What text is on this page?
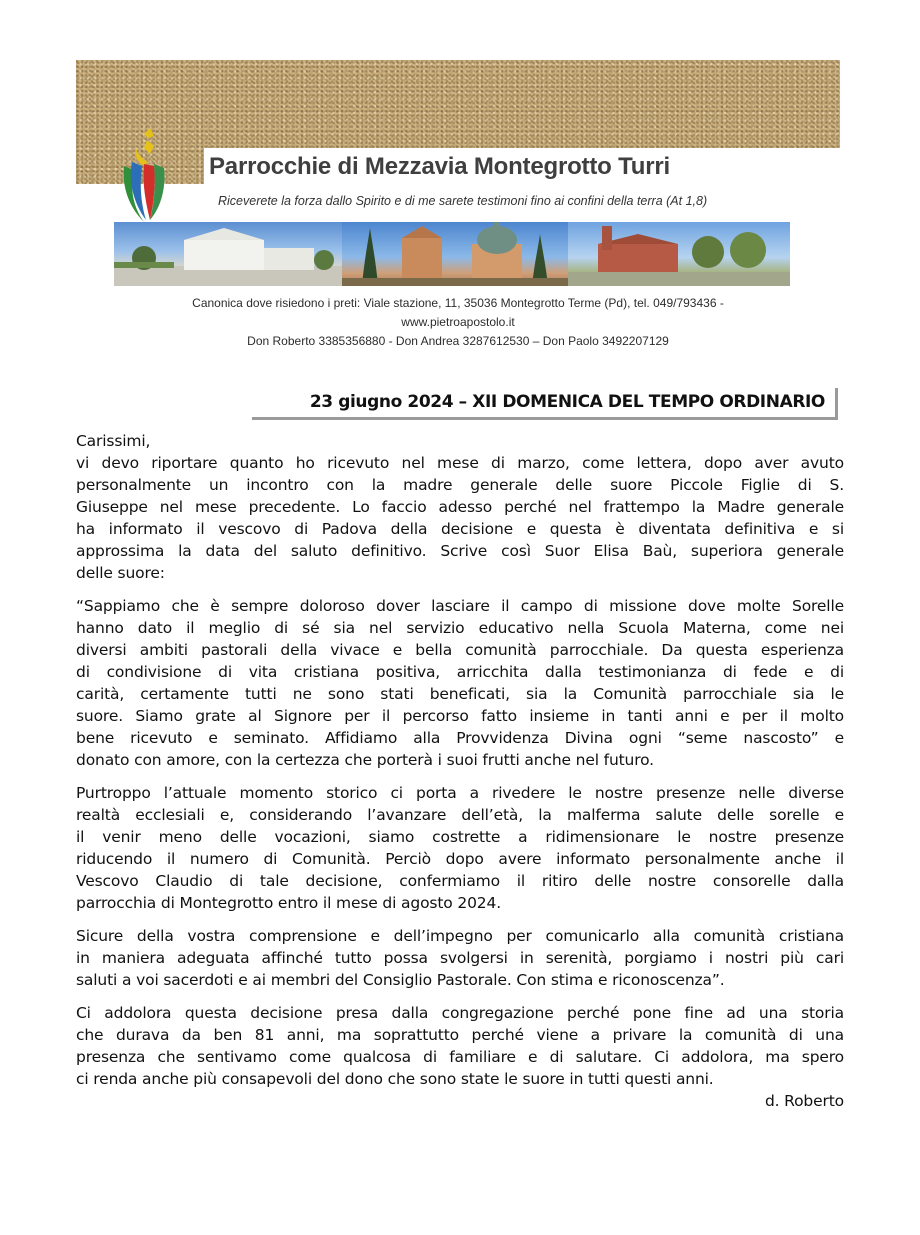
Parrocchie di Mezzavia Montegrotto Turri
Riceverete la forza dallo Spirito e di me sarete testimoni fino ai confini della terra (At 1,8)
Canonica dove risiedono i preti: Viale stazione, 11, 35036 Montegrotto Terme (Pd), tel. 049/793436 -
www.pietroapostolo.it
Don Roberto 3385356880 - Don Andrea 3287612530 – Don Paolo 3492207129
23 giugno 2024 – XII DOMENICA DEL TEMPO ORDINARIO

Carissimi,

vi devo riportare quanto ho ricevuto nel mese di marzo, come lettera, dopo aver avuto
personalmente un incontro con la madre generale delle suore Piccole Figlie di S.
Giuseppe nel mese precedente. Lo faccio adesso perché nel frattempo la Madre generale
ha informato il vescovo di Padova della decisione e questa è diventata definitiva e si
approssima la data del saluto definitivo. Scrive così Suor Elisa Baù, superiora generale
delle suore:

“Sappiamo che è sempre doloroso dover lasciare il campo di missione dove molte Sorelle
hanno dato il meglio di sé sia nel servizio educativo nella Scuola Materna, come nei
diversi ambiti pastorali della vivace e bella comunità parrocchiale. Da questa esperienza
di condivisione di vita cristiana positiva, arricchita dalla testimonianza di fede e di
carità, certamente tutti ne sono stati beneficati, sia la Comunità parrocchiale sia le
suore. Siamo grate al Signore per il percorso fatto insieme in tanti anni e per il molto
bene ricevuto e seminato. Affidiamo alla Provvidenza Divina ogni “seme nascosto” e
donato con amore, con la certezza che porterà i suoi frutti anche nel futuro.

Purtroppo l’attuale momento storico ci porta a rivedere le nostre presenze nelle diverse
realtà ecclesiali e, considerando l’avanzare dell’età, la malferma salute delle sorelle e
il venir meno delle vocazioni, siamo costrette a ridimensionare le nostre presenze
riducendo il numero di Comunità. Perciò dopo avere informato personalmente anche il
Vescovo Claudio di tale decisione, confermiamo il ritiro delle nostre consorelle dalla
parrocchia di Montegrotto entro il mese di agosto 2024.

Sicure della vostra comprensione e dell’impegno per comunicarlo alla comunità cristiana
in maniera adeguata affinché tutto possa svolgersi in serenità, porgiamo i nostri più cari
saluti a voi sacerdoti e ai membri del Consiglio Pastorale. Con stima e riconoscenza”.

Ci addolora questa decisione presa dalla congregazione perché pone fine ad una storia
che durava da ben 81 anni, ma soprattutto perché viene a privare la comunità di una
presenza che sentivamo come qualcosa di familiare e di salutare. Ci addolora, ma spero
ci renda anche più consapevoli del dono che sono state le suore in tutti questi anni.

d. Roberto
